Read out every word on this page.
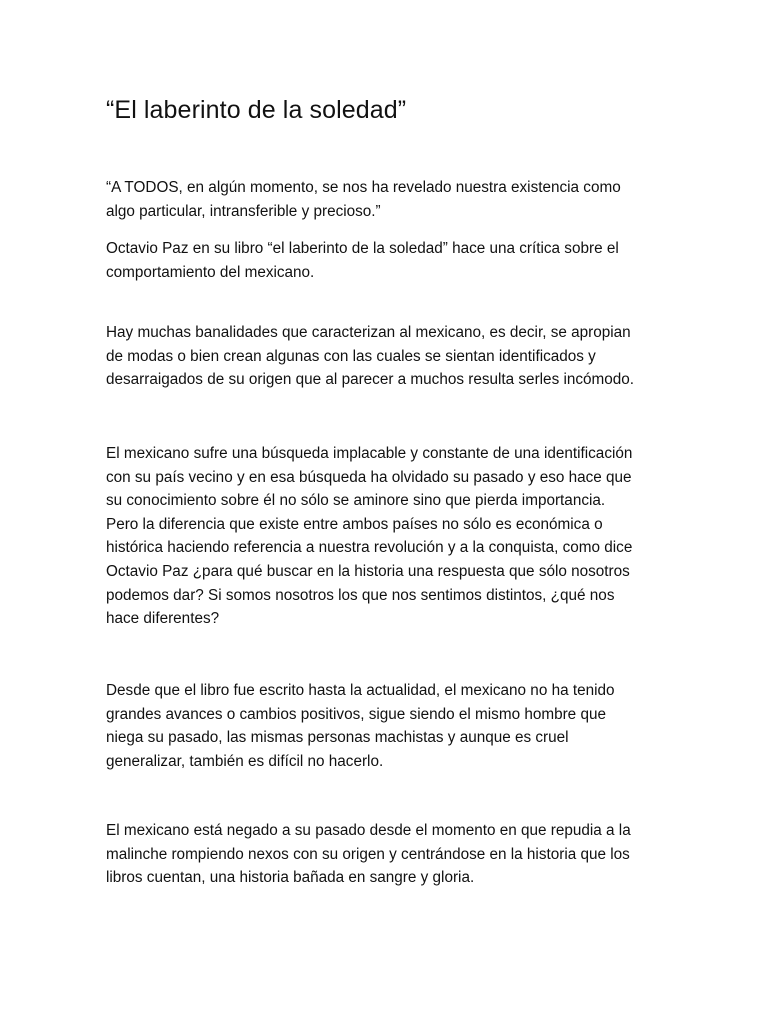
“El laberinto de la soledad”
“A TODOS, en algún momento, se nos ha revelado nuestra existencia como
algo particular, intransferible y precioso.”
Octavio Paz en su libro “el laberinto de la soledad” hace una crítica sobre el
comportamiento del mexicano.
Hay muchas banalidades que caracterizan al mexicano, es decir, se apropian
de modas o bien crean algunas con las cuales se sientan identificados y
desarraigados de su origen que al parecer a muchos resulta serles incómodo.
El mexicano sufre una búsqueda implacable y constante de una identificación
con su país vecino y en esa búsqueda ha olvidado su pasado y eso hace que
su conocimiento sobre él no sólo se aminore sino que pierda importancia.
Pero la diferencia que existe entre ambos países no sólo es económica o
histórica haciendo referencia a nuestra revolución y a la conquista, como dice
Octavio Paz ¿para qué buscar en la historia una respuesta que sólo nosotros
podemos dar? Si somos nosotros los que nos sentimos distintos, ¿qué nos
hace diferentes?
Desde que el libro fue escrito hasta la actualidad, el mexicano no ha tenido
grandes avances o cambios positivos, sigue siendo el mismo hombre que
niega su pasado, las mismas personas machistas y aunque es cruel
generalizar, también es difícil no hacerlo.
El mexicano está negado a su pasado desde el momento en que repudia a la
malinche rompiendo nexos con su origen y centrándose en la historia que los
libros cuentan, una historia bañada en sangre y gloria.
